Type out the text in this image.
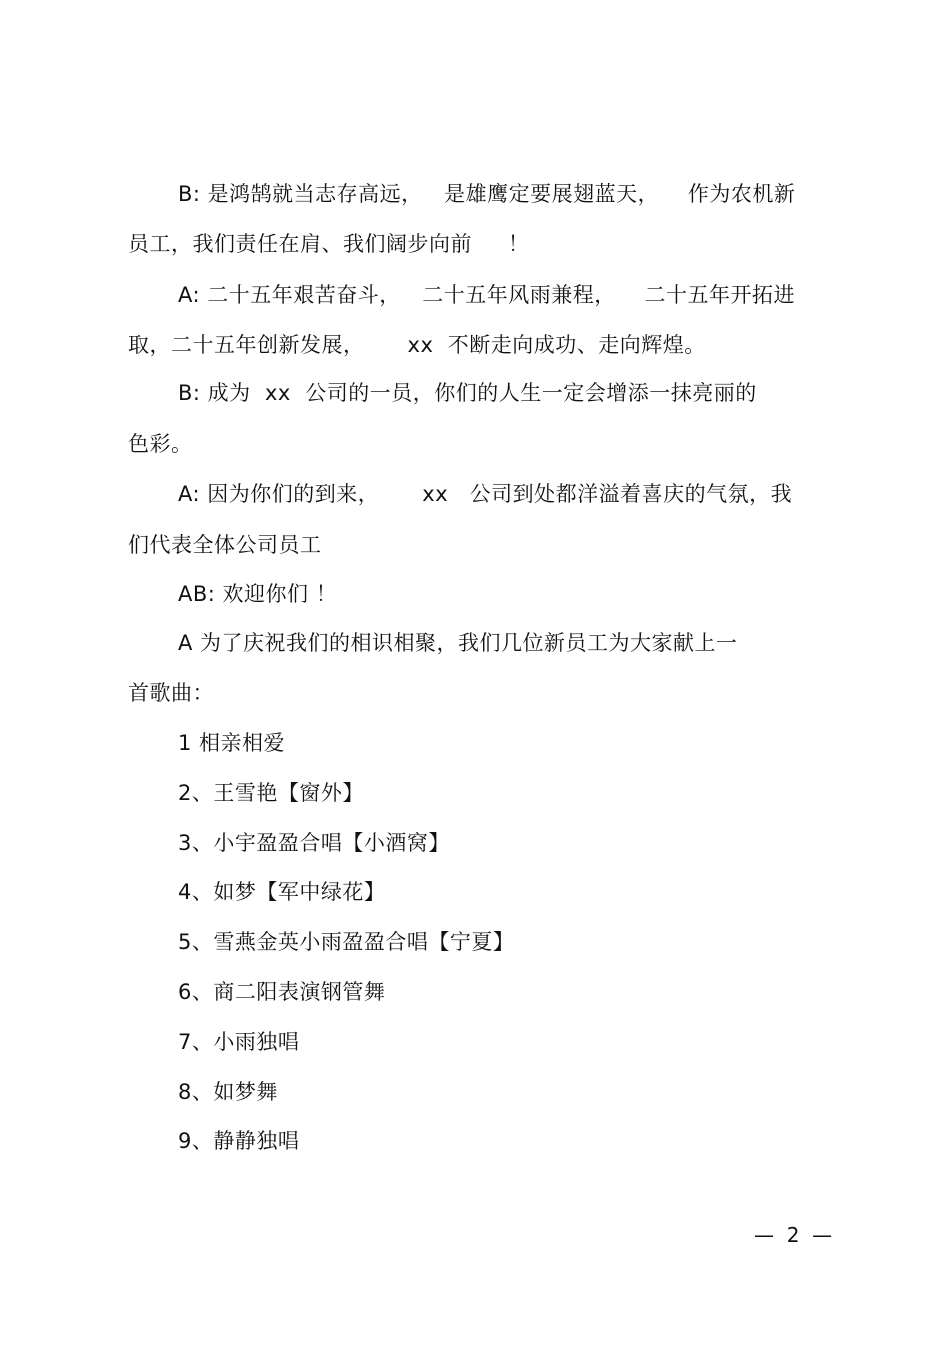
B: 是鸿鹄就当志存高远，   是雄鹰定要展翅蓝天，    作为农机新
员工，我们责任在肩、我们阔步向前     ！
A: 二十五年艰苦奋斗，   二十五年风雨兼程，    二十五年开拓进
取，二十五年创新发展，      xx  不断走向成功、走向辉煌。
B: 成为  xx  公司的一员，你们的人生一定会增添一抹亮丽的
色彩。
A: 因为你们的到来，      xx   公司到处都洋溢着喜庆的气氛，我
们代表全体公司员工
AB: 欢迎你们 ！
A 为了庆祝我们的相识相聚，我们几位新员工为大家献上一
首歌曲：
1 相亲相爱
2、王雪艳【窗外】
3、小宇盈盈合唱【小酒窝】
4、如梦【军中绿花】
5、雪燕金英小雨盈盈合唱【宁夏】
6、商二阳表演钢管舞
7、小雨独唱
8、如梦舞
9、静静独唱
—  2  —
